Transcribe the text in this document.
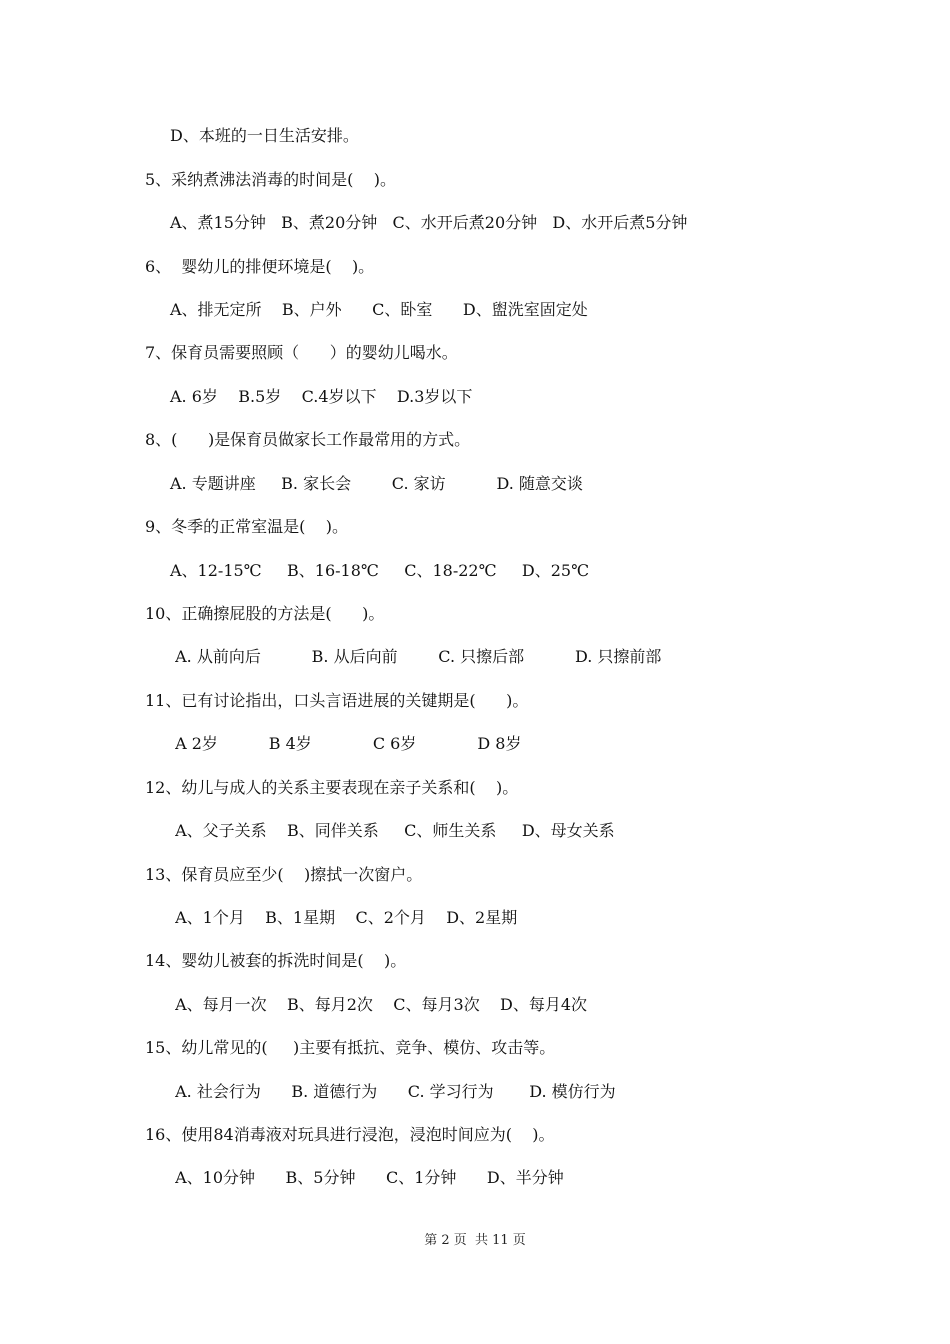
D、本班的一日生活安排。
5、采纳煮沸法消毒的时间是(    )。
A、煮15分钟   B、煮20分钟   C、水开后煮20分钟   D、水开后煮5分钟
6、  婴幼儿的排便环境是(    )。
A、排无定所    B、户外      C、卧室      D、盥洗室固定处
7、保育员需要照顾（      ）的婴幼儿喝水。
A. 6岁    B.5岁    C.4岁以下    D.3岁以下
8、(      )是保育员做家长工作最常用的方式。
A. 专题讲座     B. 家长会        C. 家访          D. 随意交谈
9、冬季的正常室温是(    )。
A、12-15℃     B、16-18℃     C、18-22℃     D、25℃
10、正确擦屁股的方法是(      )。
A. 从前向后          B. 从后向前        C. 只擦后部          D. 只擦前部
11、已有讨论指出，口头言语进展的关键期是(      )。
A 2岁          B 4岁            C 6岁            D 8岁
12、幼儿与成人的关系主要表现在亲子关系和(    )。
A、父子关系    B、同伴关系     C、师生关系     D、母女关系
13、保育员应至少(    )擦拭一次窗户。
A、1个月    B、1星期    C、2个月    D、2星期
14、婴幼儿被套的拆洗时间是(    )。
A、每月一次    B、每月2次    C、每月3次    D、每月4次
15、幼儿常见的(     )主要有抵抗、竞争、模仿、攻击等。
A. 社会行为      B. 道德行为      C. 学习行为       D. 模仿行为
16、使用84消毒液对玩具进行浸泡，浸泡时间应为(    )。
A、10分钟      B、5分钟      C、1分钟      D、半分钟
第 2 页  共 11 页
